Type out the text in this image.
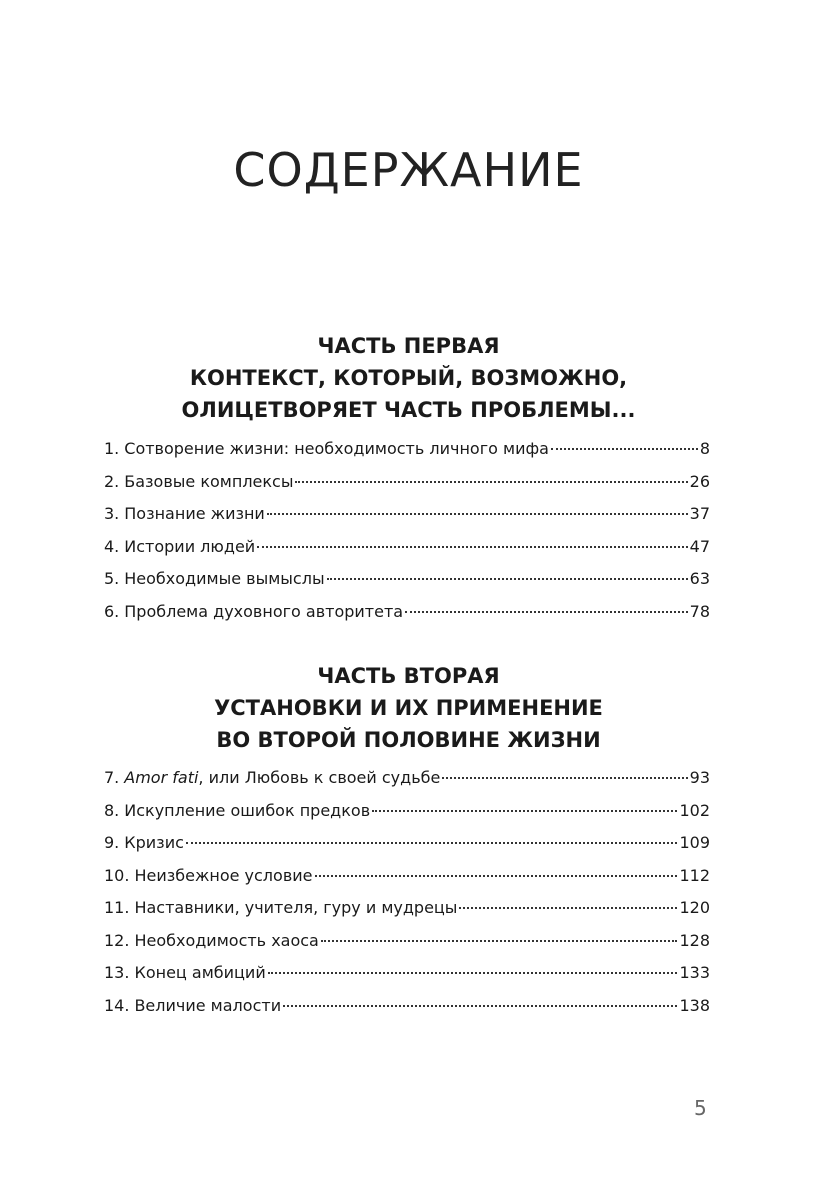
СОДЕРЖАНИЕ
ЧАСТЬ ПЕРВАЯ
КОНТЕКСТ, КОТОРЫЙ, ВОЗМОЖНО,
ОЛИЦЕТВОРЯЕТ ЧАСТЬ ПРОБЛЕМЫ...
1. Сотворение жизни: необходимость личного мифа	8
2. Базовые комплексы	26
3. Познание жизни	37
4. Истории людей	47
5. Необходимые вымыслы	63
6. Проблема духовного авторитета	78
ЧАСТЬ ВТОРАЯ
УСТАНОВКИ И ИХ ПРИМЕНЕНИЕ
ВО ВТОРОЙ ПОЛОВИНЕ ЖИЗНИ
7. Amor fati , или Любовь к своей судьбе	93
8. Искупление ошибок предков	102
9. Кризис	109
10. Неизбежное условие	112
11. Наставники, учителя, гуру и мудрецы	120
12. Необходимость хаоса	128
13. Конец амбиций	133
14. Величие малости	138
5
